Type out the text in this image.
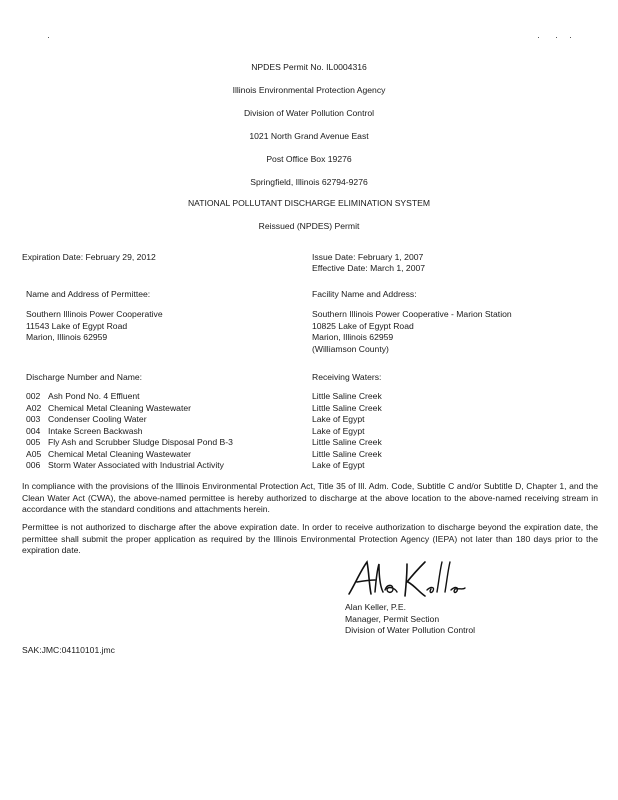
NPDES Permit No. IL0004316
Illinois Environmental Protection Agency
Division of Water Pollution Control
1021 North Grand Avenue East
Post Office Box 19276
Springfield, Illinois 62794-9276
NATIONAL POLLUTANT DISCHARGE ELIMINATION SYSTEM
Reissued (NPDES) Permit
Expiration Date: February 29, 2012	Issue Date: February 1, 2007
Effective Date: March 1, 2007
Name and Address of Permittee:
Southern Illinois Power Cooperative
11543 Lake of Egypt Road
Marion, Illinois 62959
Facility Name and Address:
Southern Illinois Power Cooperative - Marion Station
10825 Lake of Egypt Road
Marion, Illinois 62959
(Williamson County)
Discharge Number and Name:	Receiving Waters:
002 Ash Pond No. 4 Effluent
A02 Chemical Metal Cleaning Wastewater
003 Condenser Cooling Water
004 Intake Screen Backwash
005 Fly Ash and Scrubber Sludge Disposal Pond B-3
A05 Chemical Metal Cleaning Wastewater
006 Storm Water Associated with Industrial Activity
Little Saline Creek
Little Saline Creek
Lake of Egypt
Lake of Egypt
Little Saline Creek
Little Saline Creek
Lake of Egypt
In compliance with the provisions of the Illinois Environmental Protection Act, Title 35 of Ill. Adm. Code, Subtitle C and/or Subtitle D, Chapter 1, and the Clean Water Act (CWA), the above-named permittee is hereby authorized to discharge at the above location to the above-named receiving stream in accordance with the standard conditions and attachments herein.
Permittee is not authorized to discharge after the above expiration date. In order to receive authorization to discharge beyond the expiration date, the permittee shall submit the proper application as required by the Illinois Environmental Protection Agency (IEPA) not later than 180 days prior to the expiration date.
Alan Keller, P.E.
Manager, Permit Section
Division of Water Pollution Control
SAK:JMC:04110101.jmc
